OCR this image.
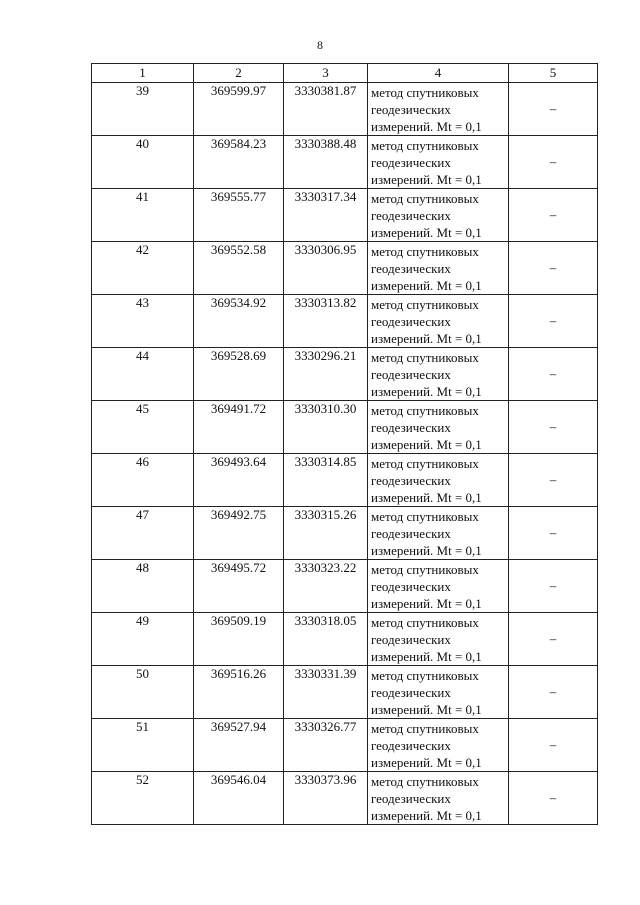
8
1	2	3	4	5
39	369599.97	3330381.87	метод спутниковых
геодезических
измерений. Mt = 0,1	–
40	369584.23	3330388.48	метод спутниковых
геодезических
измерений. Mt = 0,1	–
41	369555.77	3330317.34	метод спутниковых
геодезических
измерений. Mt = 0,1	–
42	369552.58	3330306.95	метод спутниковых
геодезических
измерений. Mt = 0,1	–
43	369534.92	3330313.82	метод спутниковых
геодезических
измерений. Mt = 0,1	–
44	369528.69	3330296.21	метод спутниковых
геодезических
измерений. Mt = 0,1	–
45	369491.72	3330310.30	метод спутниковых
геодезических
измерений. Mt = 0,1	–
46	369493.64	3330314.85	метод спутниковых
геодезических
измерений. Mt = 0,1	–
47	369492.75	3330315.26	метод спутниковых
геодезических
измерений. Mt = 0,1	–
48	369495.72	3330323.22	метод спутниковых
геодезических
измерений. Mt = 0,1	–
49	369509.19	3330318.05	метод спутниковых
геодезических
измерений. Mt = 0,1	–
50	369516.26	3330331.39	метод спутниковых
геодезических
измерений. Mt = 0,1	–
51	369527.94	3330326.77	метод спутниковых
геодезических
измерений. Mt = 0,1	–
52	369546.04	3330373.96	метод спутниковых
геодезических
измерений. Mt = 0,1	–
